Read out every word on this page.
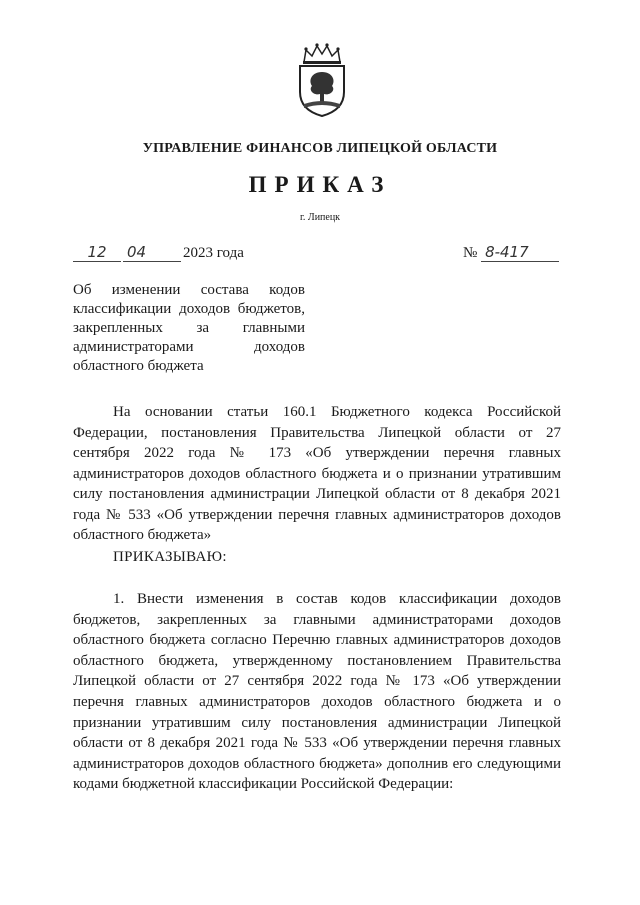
УПРАВЛЕНИЕ ФИНАНСОВ ЛИПЕЦКОЙ ОБЛАСТИ
ПРИКАЗ
г. Липецк
12 04 2023 года	№ 8-417
Об изменении состава кодов классификации доходов бюджетов, закрепленных за главными администраторами доходов областного бюджета

На основании статьи 160.1 Бюджетного кодекса Российской Федерации, постановления Правительства Липецкой области от 27 сентября 2022 года № 173 «Об утверждении перечня главных администраторов доходов областного бюджета и о признании утратившим силу постановления администрации Липецкой области от 8 декабря 2021 года № 533 «Об утверждении перечня главных администраторов доходов областного бюджета»

ПРИКАЗЫВАЮ:

1. Внести изменения в состав кодов классификации доходов бюджетов, закрепленных за главными администраторами доходов областного бюджета согласно Перечню главных администраторов доходов областного бюджета, утвержденному постановлением Правительства Липецкой области от 27 сентября 2022 года № 173 «Об утверждении перечня главных администраторов доходов областного бюджета и о признании утратившим силу постановления администрации Липецкой области от 8 декабря 2021 года № 533 «Об утверждении перечня главных администраторов доходов областного бюджета» дополнив его следующими кодами бюджетной классификации Российской Федерации:
